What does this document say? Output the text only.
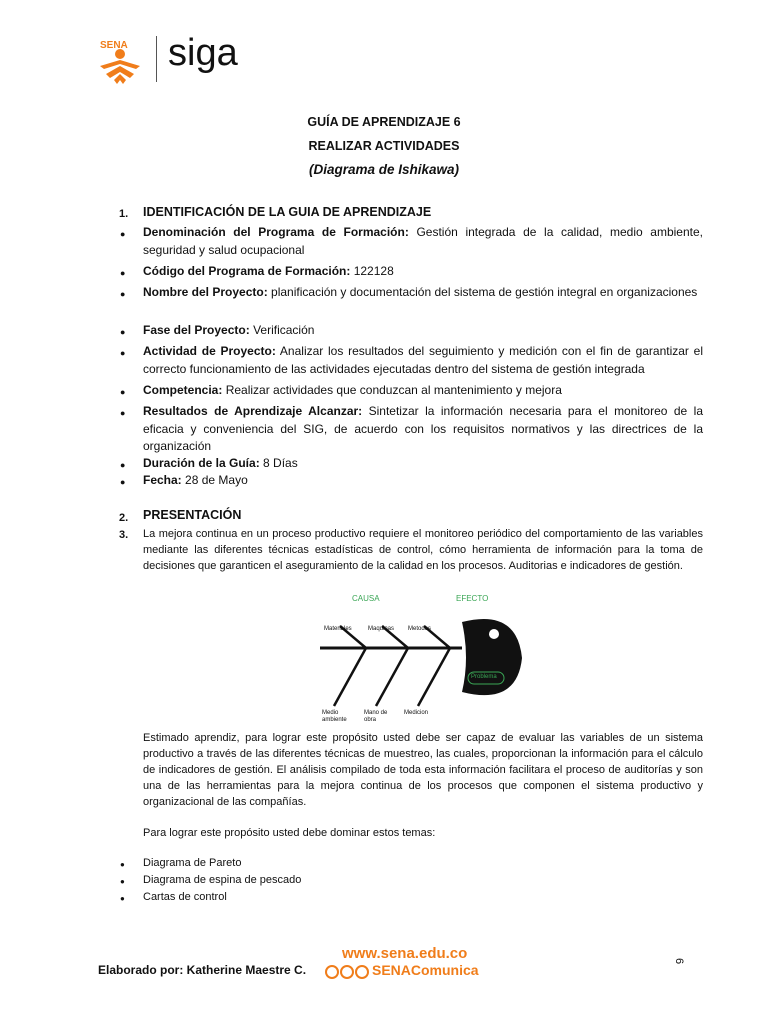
SENA siga
GUÍA DE APRENDIZAJE 6
REALIZAR ACTIVIDADES
(Diagrama de Ishikawa)
1. IDENTIFICACIÓN DE LA GUIA DE APRENDIZAJE
● Denominación del Programa de Formación: Gestión integrada de la calidad, medio ambiente, seguridad y salud ocupacional
● Código del Programa de Formación: 122128
● Nombre del Proyecto: planificación y documentación del sistema de gestión integral en organizaciones
● Fase del Proyecto: Verificación
● Actividad de Proyecto: Analizar los resultados del seguimiento y medición con el fin de garantizar el correcto funcionamiento de las actividades ejecutadas dentro del sistema de gestión integrada
● Competencia: Realizar actividades que conduzcan al mantenimiento y mejora
● Resultados de Aprendizaje Alcanzar: Sintetizar la información necesaria para el monitoreo de la eficacia y conveniencia del SIG, de acuerdo con los requisitos normativos y las directrices de la organización
● Duración de la Guía: 8 Días
● Fecha: 28 de Mayo
2. PRESENTACIÓN
3. La mejora continua en un proceso productivo requiere el monitoreo periódico del comportamiento de las variables mediante las diferentes técnicas estadísticas de control, cómo herramienta de información para la toma de decisiones que garanticen el aseguramiento de la calidad en los procesos. Auditorias e indicadores de gestión.
CAUSA	EFECTO
Materiales	Maquinas Metodos
Medio ambiente
Mano de obra
Medicion
Problema
Estimado aprendiz, para lograr este propósito usted debe ser capaz de evaluar las variables de un sistema productivo a través de las diferentes técnicas de muestreo, las cuales, proporcionan la información para el cálculo de indicadores de gestión. El análisis compilado de toda esta información facilitara el proceso de auditorías y son una de las herramientas para la mejora continua de los procesos que componen el sistema productivo y organizacional de las compañías.
Para lograr este propósito usted debe dominar estos temas:
● Diagrama de Pareto
● Diagrama de espina de pescado
● Cartas de control
Elaborado por: Katherine Maestre C.
www.sena.edu.co
SENAComunica
6
